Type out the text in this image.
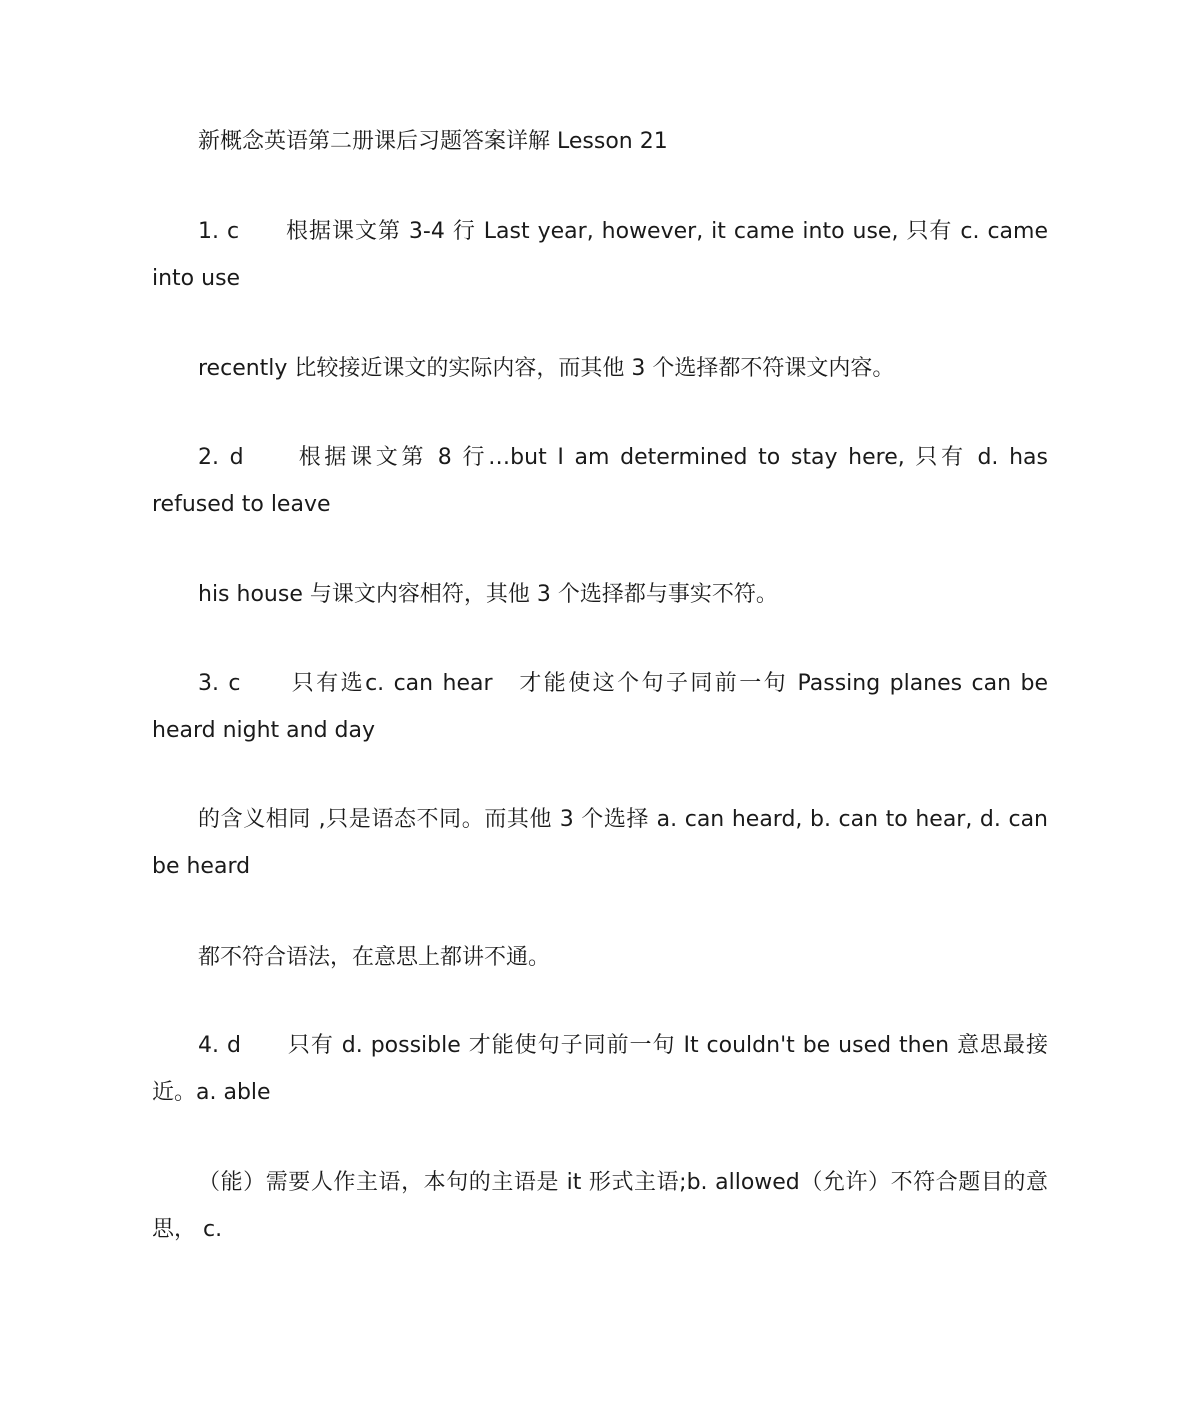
新概念英语第二册课后习题答案详解 Lesson 21

1. c　　根据课文第 3-4 行 Last year, however, it came into use, 只有 c. came into use

recently 比较接近课文的实际内容，而其他 3 个选择都不符课文内容。

2. d　　根据课文第 8 行…but I am determined to stay here, 只有 d. has refused to leave

his house 与课文内容相符，其他 3 个选择都与事实不符。

3. c　　只有选c. can hear　才能使这个句子同前一句 Passing planes can be heard night and day

的含义相同 ,只是语态不同。而其他 3 个选择 a. can heard, b. can to hear, d. can be heard

都不符合语法，在意思上都讲不通。

4. d　　只有 d. possible 才能使句子同前一句 It couldn't be used then 意思最接近。a. able

（能）需要人作主语，本句的主语是 it 形式主语;b. allowed（允许）不符合题目的意思， c.
